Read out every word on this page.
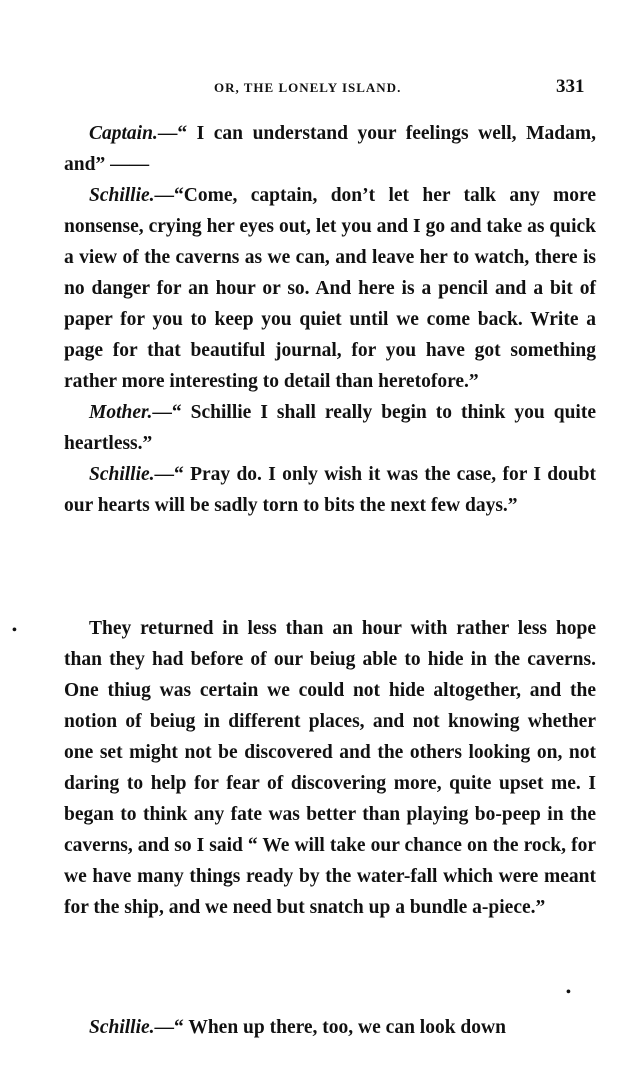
OR, THE LONELY ISLAND.	331

Captain.—“ I can understand your feelings well, Madam, and” ——

Schillie.—“Come, captain, don’t let her talk any more nonsense, crying her eyes out, let you and I go and take as quick a view of the caverns as we can, and leave her to watch, there is no danger for an hour or so. And here is a pencil and a bit of paper for you to keep you quiet until we come back. Write a page for that beautiful journal, for you have got something rather more interesting to detail than heretofore.”

Mother.—“ Schillie I shall really begin to think you quite heartless.”

Schillie.—“ Pray do. I only wish it was the case, for I doubt our hearts will be sadly torn to bits the next few days.”

They returned in less than an hour with rather less hope than they had before of our beiug able to hide in the caverns. One thiug was certain we could not hide altogether, and the notion of beiug in different places, and not knowing whether one set might not be discovered and the others looking on, not daring to help for fear of discovering more, quite upset me. I began to think any fate was better than playing bo-peep in the caverns, and so I said “ We will take our chance on the rock, for we have many things ready by the water-fall which were meant for the ship, and we need but snatch up a bundle a-piece.”

Schillie.—“ When up there, too, we can look down

•
•
